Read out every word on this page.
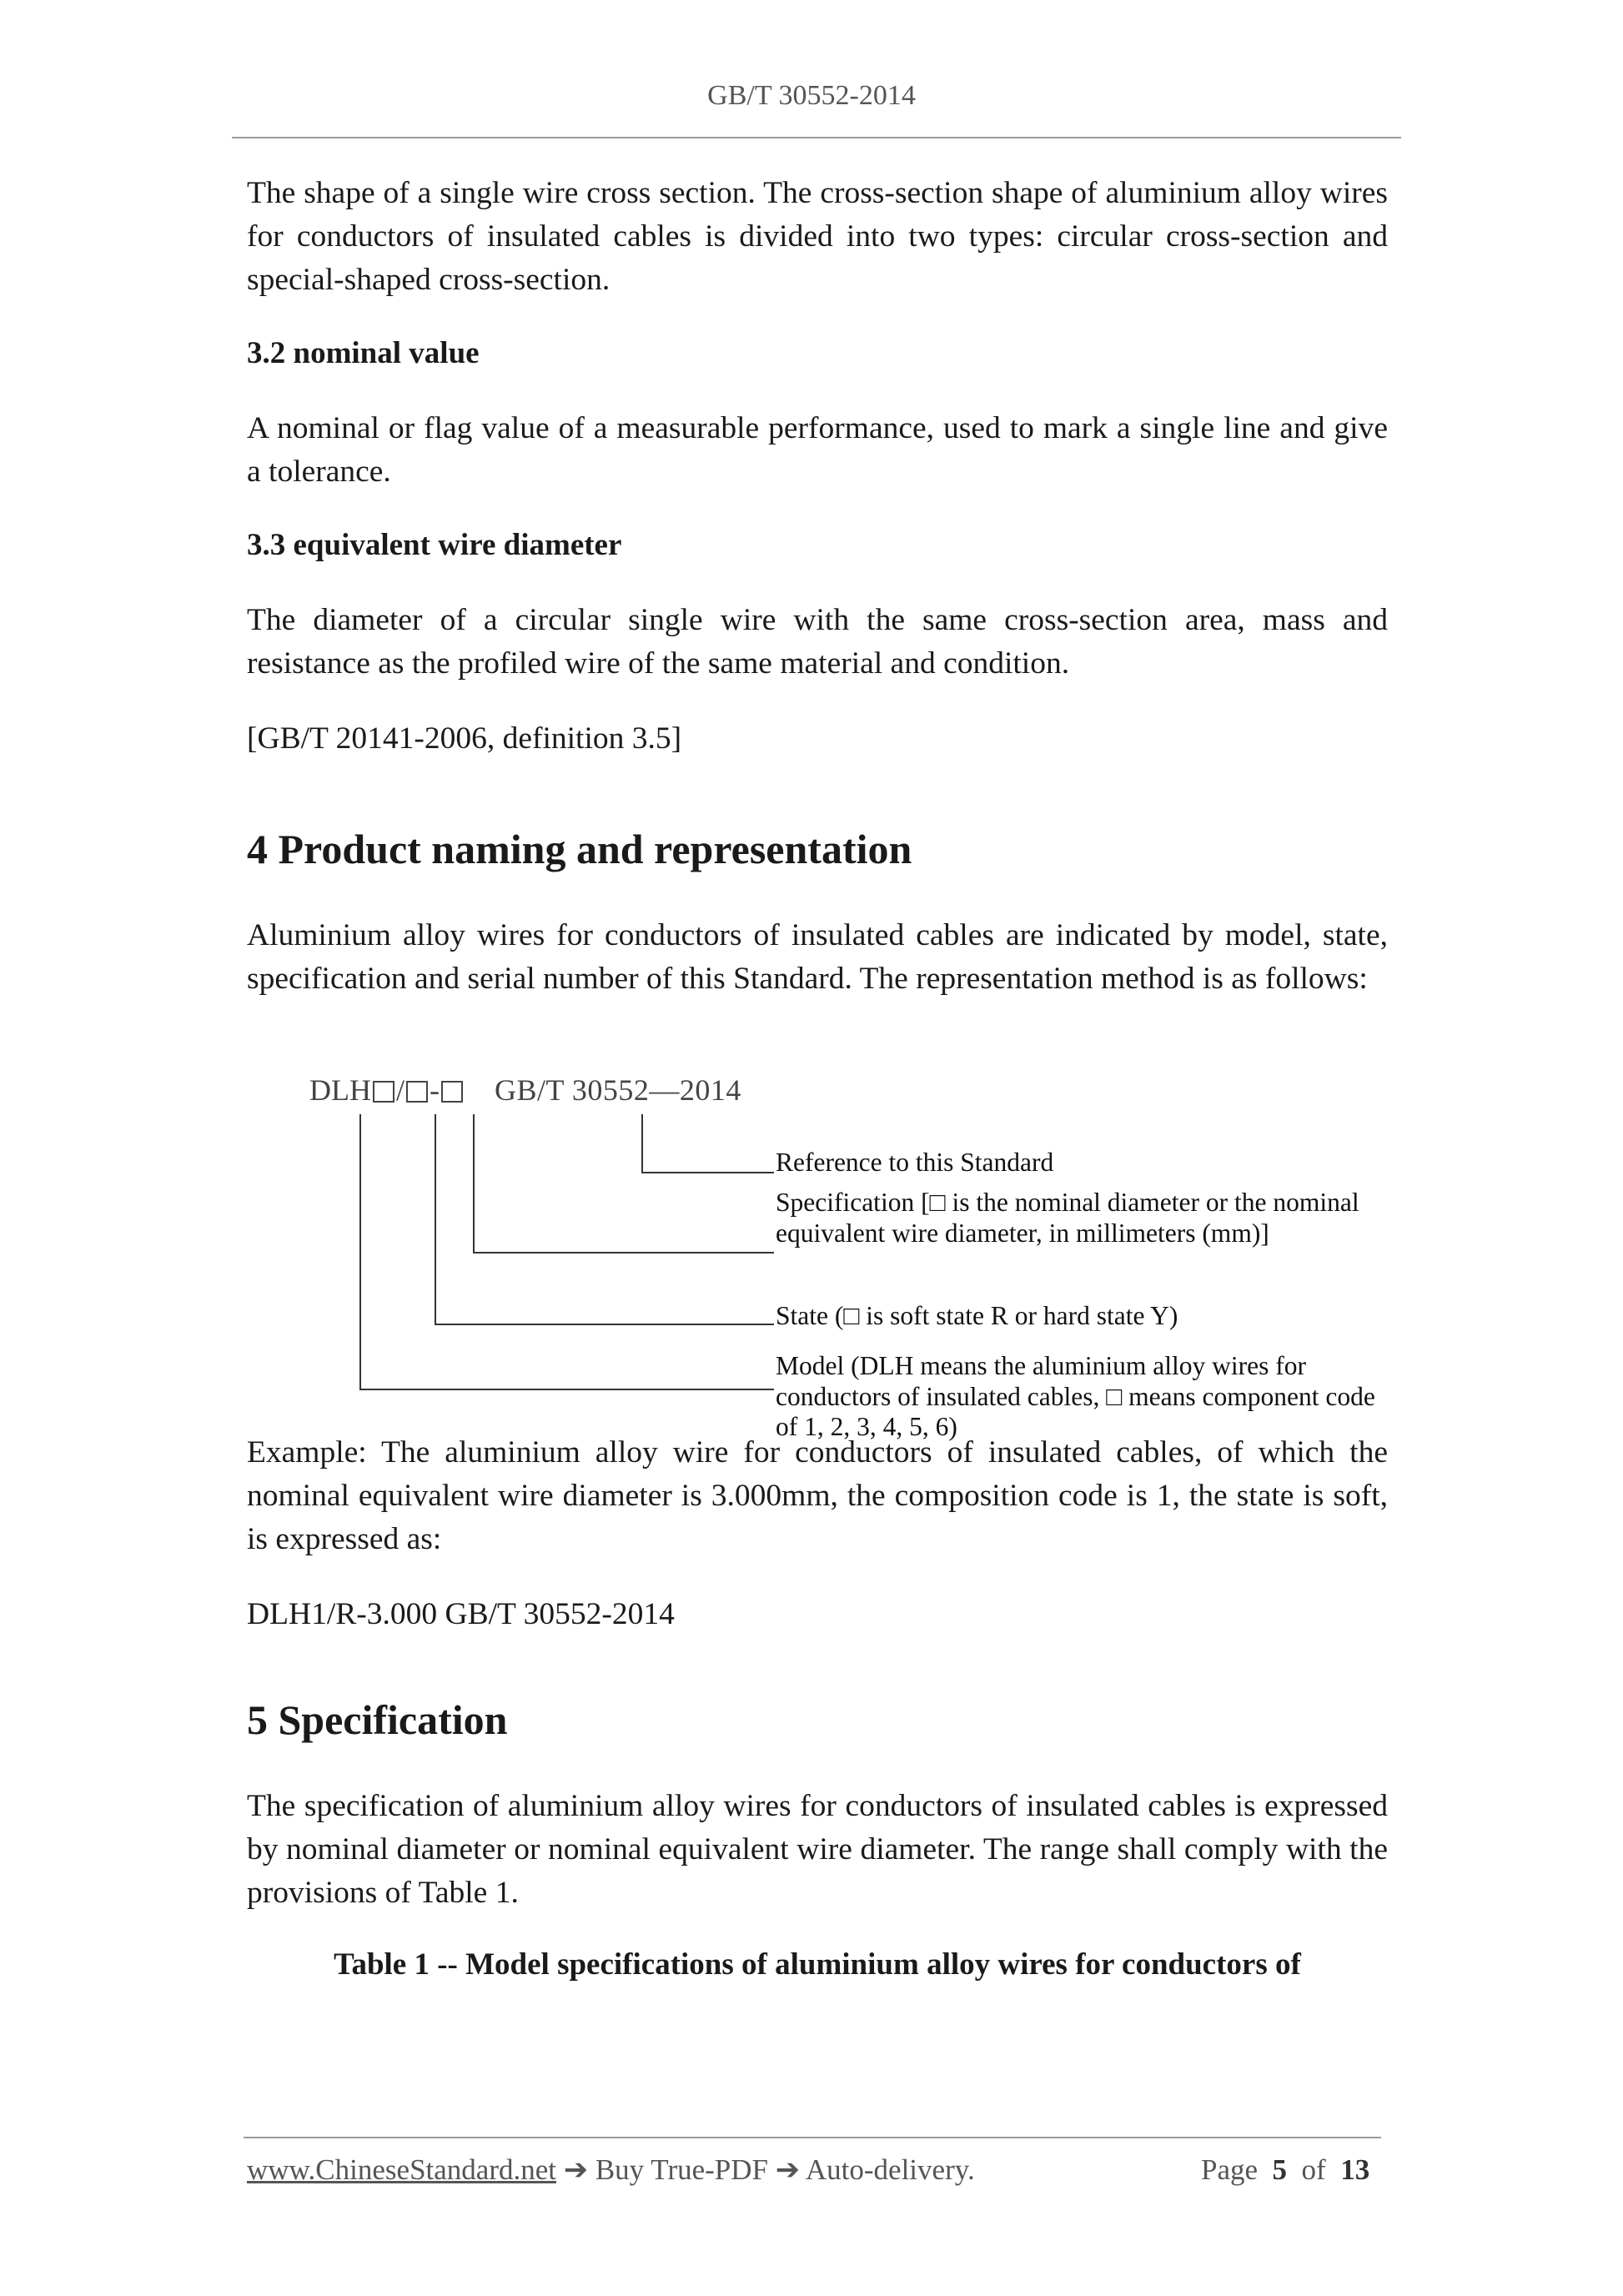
GB/T 30552-2014

The shape of a single wire cross section. The cross-section shape of aluminium alloy wires for conductors of insulated cables is divided into two types: circular cross-section and special-shaped cross-section.

3.2 nominal value

A nominal or flag value of a measurable performance, used to mark a single line and give a tolerance.

3.3 equivalent wire diameter

The diameter of a circular single wire with the same cross-section area, mass and resistance as the profiled wire of the same material and condition.

[GB/T 20141-2006, definition 3.5]

4 Product naming and representation

Aluminium alloy wires for conductors of insulated cables are indicated by model, state, specification and serial number of this Standard. The representation method is as follows:

DLH / - GB/T 30552—2014
Reference to this Standard
Specification [□ is the nominal diameter or the nominal equivalent wire diameter, in millimeters (mm)]
State (□ is soft state R or hard state Y)
Model (DLH means the aluminium alloy wires for conductors of insulated cables, □ means component code of 1, 2, 3, 4, 5, 6)

Example: The aluminium alloy wire for conductors of insulated cables, of which the nominal equivalent wire diameter is 3.000mm, the composition code is 1, the state is soft, is expressed as:

DLH1/R-3.000 GB/T 30552-2014

5 Specification

The specification of aluminium alloy wires for conductors of insulated cables is expressed by nominal diameter or nominal equivalent wire diameter. The range shall comply with the provisions of Table 1.

Table 1 -- Model specifications of aluminium alloy wires for conductors of

www.ChineseStandard.net ➔ Buy True-PDF ➔ Auto-delivery.	Page 5 of 13
